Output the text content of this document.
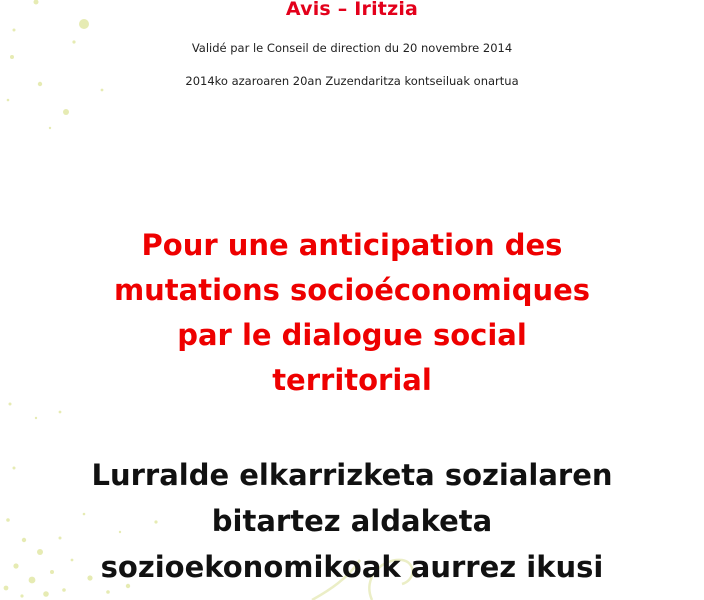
Avis – Iritzia
Validé par le Conseil de direction du 20 novembre 2014
2014ko azaroaren 20an Zuzendaritza kontseiluak onartua
Pour une anticipation des
mutations socioéconomiques
par le dialogue social
territorial
Lurralde elkarrizketa sozialaren
bitartez aldaketa
sozioekonomikoak aurrez ikusi
